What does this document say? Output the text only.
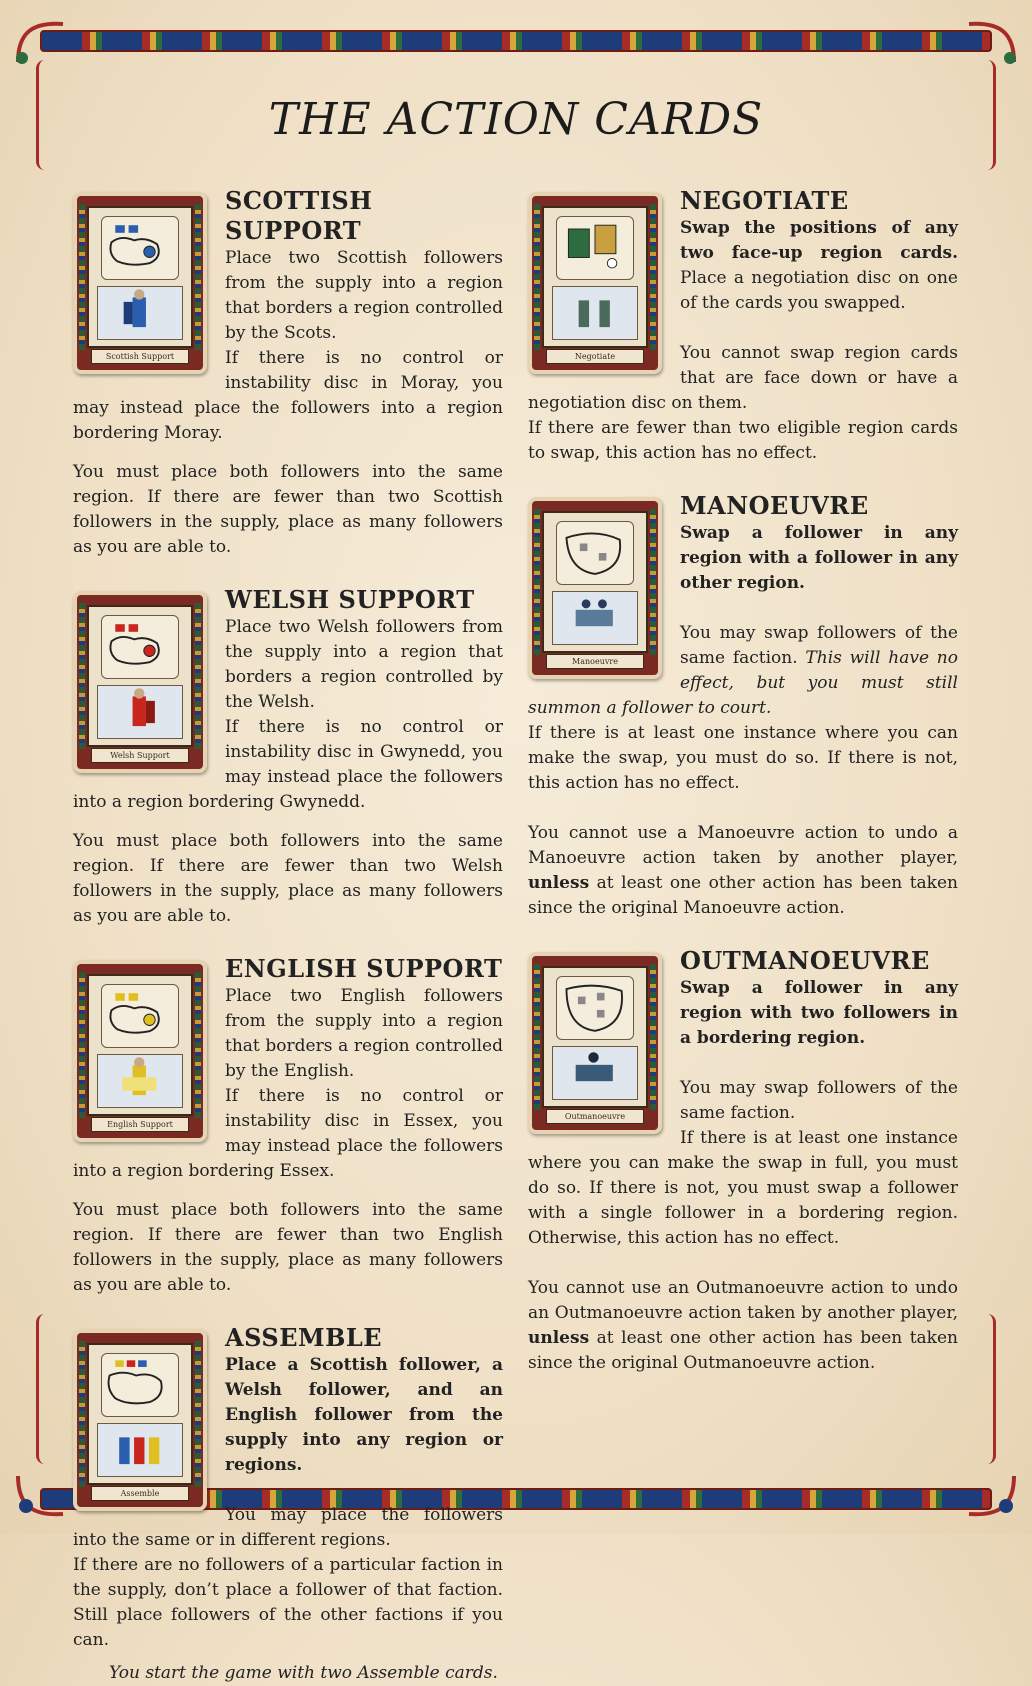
THE ACTION CARDS
Scottish Support
SCOTTISH SUPPORT

Place two Scottish followers from the supply into a region that borders a region controlled by the Scots.

If there is no control or instability disc in Moray, you may instead place the followers into a region bordering Moray.

You must place both followers into the same region. If there are fewer than two Scottish followers in the supply, place as many followers as you are able to.

Welsh Support
WELSH SUPPORT

Place two Welsh followers from the supply into a region that borders a region controlled by the Welsh.

If there is no control or instability disc in Gwynedd, you may instead place the followers into a region bordering Gwynedd.

You must place both followers into the same region. If there are fewer than two Welsh followers in the supply, place as many followers as you are able to.

English Support
ENGLISH SUPPORT

Place two English followers from the supply into a region that borders a region controlled by the English.

If there is no control or instability disc in Essex, you may instead place the followers into a region bordering Essex.

You must place both followers into the same region. If there are fewer than two English followers in the supply, place as many followers as you are able to.

Assemble
ASSEMBLE

Place a Scottish follower, a Welsh follower, and an English follower from the supply into any region or regions.

You may place the followers into the same or in different regions.

If there are no followers of a particular faction in the supply, don’t place a follower of that faction. Still place followers of the other factions if you can.

You start the game with two Assemble cards.

Negotiate
NEGOTIATE

Swap the positions of any two face-up region cards. Place a negotiation disc on one of the cards you swapped.

You cannot swap region cards that are face down or have a negotiation disc on them.

If there are fewer than two eligible region cards to swap, this action has no effect.

Manoeuvre
MANOEUVRE

Swap a follower in any region with a follower in any other region.

You may swap followers of the same faction. This will have no effect, but you must still summon a follower to court.

If there is at least one instance where you can make the swap, you must do so. If there is not, this action has no effect.

You cannot use a Manoeuvre action to undo a Manoeuvre action taken by another player, unless at least one other action has been taken since the original Manoeuvre action.

Outmanoeuvre
OUTMANOEUVRE

Swap a follower in any region with two followers in a bordering region.

You may swap followers of the same faction.

If there is at least one instance where you can make the swap in full, you must do so. If there is not, you must swap a follower with a single follower in a bordering region. Otherwise, this action has no effect.

You cannot use an Outmanoeuvre action to undo an Outmanoeuvre action taken by another player, unless at least one other action has been taken since the original Outmanoeuvre action.
